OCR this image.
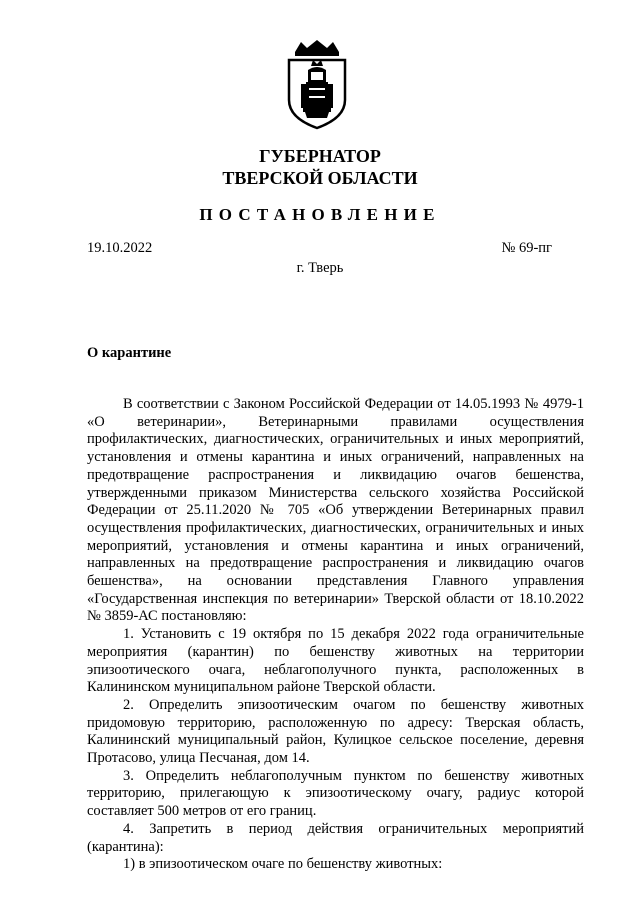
ГУБЕРНАТОР
ТВЕРСКОЙ ОБЛАСТИ
ПОСТАНОВЛЕНИЕ
19.10.2022	№ 69-пг
г. Тверь
О карантине

В соответствии с Законом Российской Федерации от 14.05.1993 № 4979-1 «О ветеринарии», Ветеринарными правилами осуществления профилактических, диагностических, ограничительных и иных мероприятий, установления и отмены карантина и иных ограничений, направленных на предотвращение распространения и ликвидацию очагов бешенства, утвержденными приказом Министерства сельского хозяйства Российской Федерации от 25.11.2020 № 705 «Об утверждении Ветеринарных правил осуществления профилактических, диагностических, ограничительных и иных мероприятий, установления и отмены карантина и иных ограничений, направленных на предотвращение распространения и ликвидацию очагов бешенства», на основании представления Главного управления «Государственная инспекция по ветеринарии» Тверской области от 18.10.2022 № 3859-АС постановляю:

1. Установить с 19 октября по 15 декабря 2022 года ограничительные мероприятия (карантин) по бешенству животных на территории эпизоотического очага, неблагополучного пункта, расположенных в Калининском муниципальном районе Тверской области.

2. Определить эпизоотическим очагом по бешенству животных придомовую территорию, расположенную по адресу: Тверская область, Калининский муниципальный район, Кулицкое сельское поселение, деревня Протасово, улица Песчаная, дом 14.

3. Определить неблагополучным пунктом по бешенству животных территорию, прилегающую к эпизоотическому очагу, радиус которой составляет 500 метров от его границ.

4. Запретить в период действия ограничительных мероприятий (карантина):

1) в эпизоотическом очаге по бешенству животных:
